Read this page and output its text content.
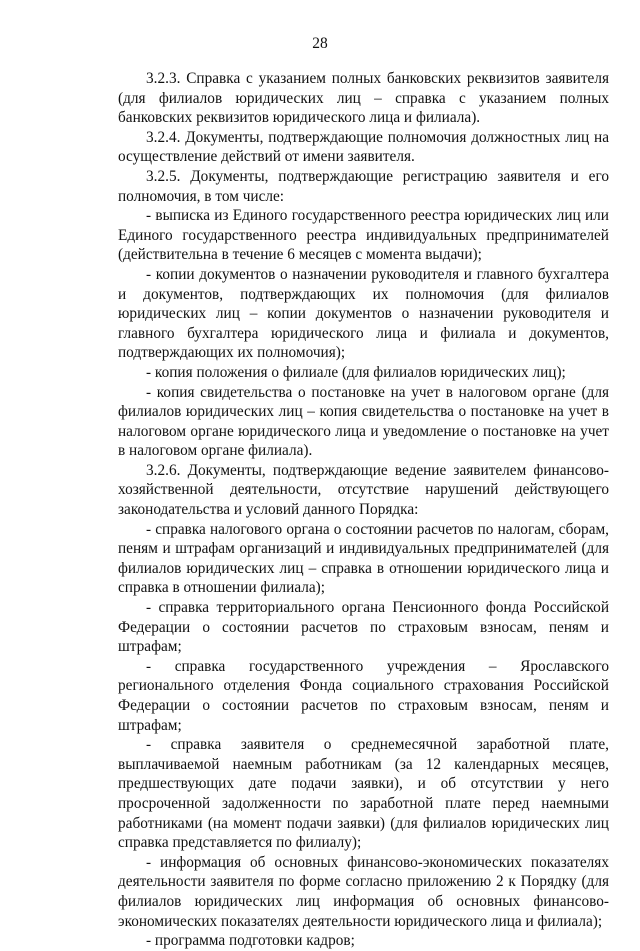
28

3.2.3. Справка с указанием полных банковских реквизитов заявителя (для филиалов юридических лиц – справка с указанием полных банковских реквизитов юридического лица и филиала).

3.2.4. Документы, подтверждающие полномочия должностных лиц на осуществление действий от имени заявителя.

3.2.5. Документы, подтверждающие регистрацию заявителя и его полномочия, в том числе:

- выписка из Единого государственного реестра юридических лиц или Единого государственного реестра индивидуальных предпринимателей (действительна в течение 6 месяцев с момента выдачи);

- копии документов о назначении руководителя и главного бухгалтера и документов, подтверждающих их полномочия (для филиалов юридических лиц – копии документов о назначении руководителя и главного бухгалтера юридического лица и филиала и документов, подтверждающих их полномочия);

- копия положения о филиале (для филиалов юридических лиц);

- копия свидетельства о постановке на учет в налоговом органе (для филиалов юридических лиц – копия свидетельства о постановке на учет в налоговом органе юридического лица и уведомление о постановке на учет в налоговом органе филиала).

3.2.6. Документы, подтверждающие ведение заявителем финансово-хозяйственной деятельности, отсутствие нарушений действующего законодательства и условий данного Порядка:

- справка налогового органа о состоянии расчетов по налогам, сборам, пеням и штрафам организаций и индивидуальных предпринимателей (для филиалов юридических лиц – справка в отношении юридического лица и справка в отношении филиала);

- справка территориального органа Пенсионного фонда Российской Федерации о состоянии расчетов по страховым взносам, пеням и штрафам;

- справка государственного учреждения – Ярославского регионального отделения Фонда социального страхования Российской Федерации о состоянии расчетов по страховым взносам, пеням и штрафам;

- справка заявителя о среднемесячной заработной плате, выплачиваемой наемным работникам (за 12 календарных месяцев, предшествующих дате подачи заявки), и об отсутствии у него просроченной задолженности по заработной плате перед наемными работниками (на момент подачи заявки) (для филиалов юридических лиц справка представляется по филиалу);

- информация об основных финансово-экономических показателях деятельности заявителя по форме согласно приложению 2 к Порядку (для филиалов юридических лиц информация об основных финансово-экономических показателях деятельности юридического лица и филиала);

- программа подготовки кадров;
